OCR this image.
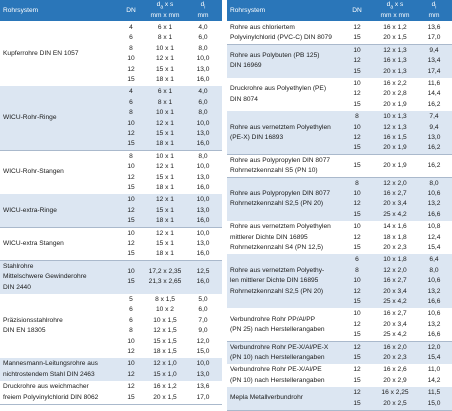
Rohrsystem	DN
$d_a$ x s
mm x mm
$d_i$
mm
Kupferrohre DIN EN 1057
4	6 x 1	4,0
6	8 x 1	6,0
8	10 x 1	8,0
10	12 x 1	10,0
12	15 x 1	13,0
15	18 x 1	16,0
WICU-Rohr-Ringe
4	6 x 1	4,0
6	8 x 1	6,0
8	10 x 1	8,0
10	12 x 1	10,0
12	15 x 1	13,0
15	18 x 1	16,0
WICU-Rohr-Stangen
8	10 x 1	8,0
10	12 x 1	10,0
12	15 x 1	13,0
15	18 x 1	16,0
WICU-extra-Ringe
10	12 x 1	10,0
12	15 x 1	13,0
15	18 x 1	16,0
WICU-extra Stangen
10	12 x 1	10,0
12	15 x 1	13,0
15	18 x 1	16,0
Stahlrohre
Mittelschwere Gewinderohre
DIN 2440
10	17,2 x 2,35	12,5
15	21,3 x 2,65	16,0
Präzisionsstahlrohre
DIN EN 18305
5	8 x 1,5	5,0
6	10 x 2	6,0
6	10 x 1,5	7,0
8	12 x 1,5	9,0
10	15 x 1,5	12,0
12	18 x 1,5	15,0
Mannesmann-Leitungsrohre aus
nichtrostendem Stahl DIN 2463
10	12 x 1,0	10,0
12	15 x 1,0	13,0
Druckrohre aus weichmacher
freiem Polyvinylchlorid DIN 8062
12	16 x 1,2	13,6
15	20 x 1,5	17,0
Rohrsystem	DN
$d_a$ x s
mm x mm
$d_i$
mm
Rohre aus chloriertem
Polyvinylchlorid (PVC-C) DIN 8079
12	16 x 1,2	13,6
15	20 x 1,5	17,0
Rohre aus Polybuten (PB 125)
DIN 16969
10	12 x 1,3	9,4
12	16 x 1,3	13,4
15	20 x 1,3	17,4
Druckrohre aus Polyethylen (PE)
DIN 8074
10	16 x 2,2	11,6
12	20 x 2,8	14,4
15	20 x 1,9	16,2
Rohre aus vernetztem Polyethylen
(PE-X) DIN 16893
8	10 x 1,3	7,4
10	12 x 1,3	9,4
12	16 x 1,5	13,0
15	20 x 1,9	16,2
Rohre aus Polypropylen DIN 8077
Rohrnetzkennzahl S5 (PN 10)
15	20 x 1,9	16,2
Rohre aus Polypropylen DIN 8077
Rohrnetzkennzahl S2,5 (PN 20)
8	12 x 2,0	8,0
10	16 x 2,7	10,6
12	20 x 3,4	13,2
15	25 x 4,2	16,6
Rohre aus vernetztem Polyethylen
mittlerer Dichte DIN 16895
Rohrnetzkennzahl S4 (PN 12,5)
10	14 x 1,6	10,8
12	18 x 1,8	12,4
15	20 x 2,3	15,4
Rohre aus vernetztem Polyethy-
len mittlerer Dichte DIN 16895
Rohrnetzkennzahl S2,5 (PN 20)
6	10 x 1,8	6,4
8	12 x 2,0	8,0
10	16 x 2,7	10,6
12	20 x 3,4	13,2
15	25 x 4,2	16,6
Verbundrohre Rohr PP/Al/PP
(PN 25) nach Herstellerangaben
10	16 x 2,7	10,6
12	20 x 3,4	13,2
15	25 x 4,2	16,6
Verbundrohre Rohr PE-X/Al/PE-X
(PN 10) nach Herstellerangaben
12	16 x 2,0	12,0
15	20 x 2,3	15,4
Verbundrohre Rohr PE-X/Al/PE
(PN 10) nach Herstellerangaben
12	16 x 2,6	11,0
15	20 x 2,9	14,2
Mepla Metallverbundrohr
12	16 x 2,25	11,5
15	20 x 2,5	15,0
